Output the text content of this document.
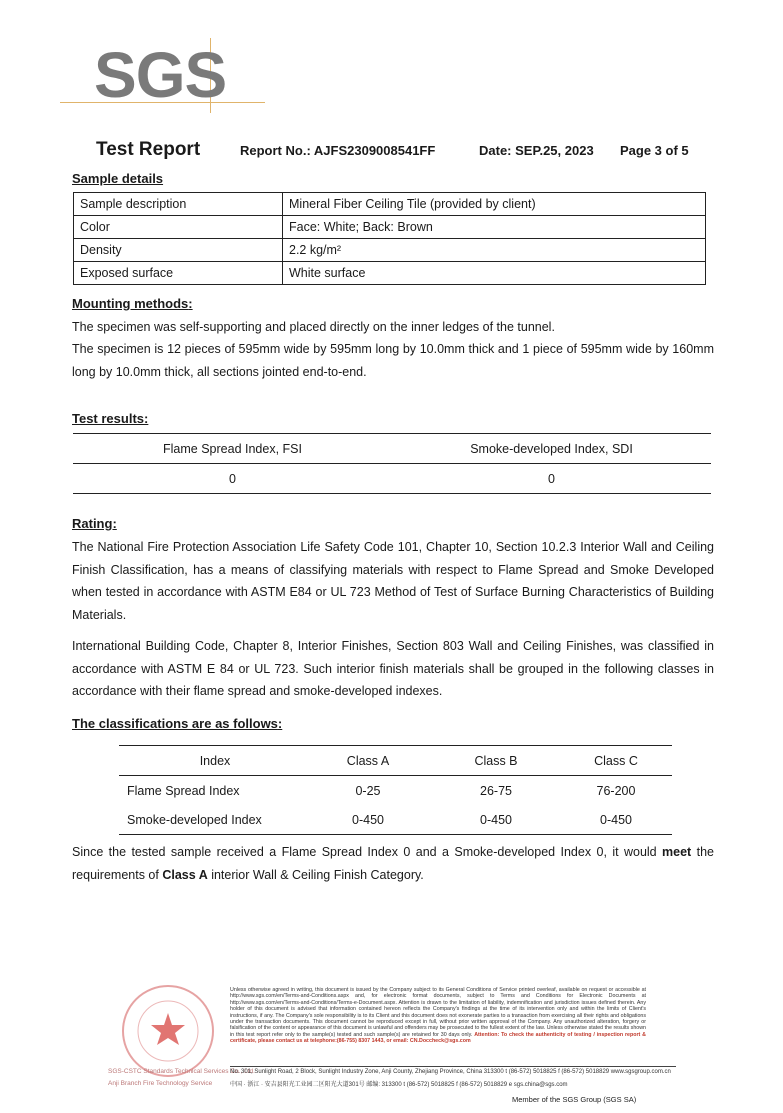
SGS
Test Report	Report No.: AJFS2309008541FF	Date: SEP.25, 2023 Page 3 of 5
Sample details
Sample description	Mineral Fiber Ceiling Tile (provided by client)
Color	Face: White; Back: Brown
Density	2.2 kg/m²
Exposed surface	White surface
Mounting methods:
The specimen was self-supporting and placed directly on the inner ledges of the tunnel.
The specimen is 12 pieces of 595mm wide by 595mm long by 10.0mm thick and 1 piece of 595mm wide by 160mm long by 10.0mm thick, all sections jointed end-to-end.
Test results:
Flame Spread Index, FSI	Smoke-developed Index, SDI
0	0
Rating:
The National Fire Protection Association Life Safety Code 101, Chapter 10, Section 10.2.3 Interior Wall and Ceiling Finish Classification, has a means of classifying materials with respect to Flame Spread and Smoke Developed when tested in accordance with ASTM E84 or UL 723 Method of Test of Surface Burning Characteristics of Building Materials.
International Building Code, Chapter 8, Interior Finishes, Section 803 Wall and Ceiling Finishes, was classified in accordance with ASTM E 84 or UL 723. Such interior finish materials shall be grouped in the following classes in accordance with their flame spread and smoke-developed indexes.
The classifications are as follows:
Index	Class A	Class B	Class C
Flame Spread Index	0-25	26-75	76-200
Smoke-developed Index	0-450	0-450	0-450
Since the tested sample received a Flame Spread Index 0 and a Smoke-developed Index 0, it would meet the requirements of Class A interior Wall & Ceiling Finish Category.
SGS-CSTC Standards Technical Services Co., Ltd.
Anji Branch Fire Technology Service
Unless otherwise agreed in writing, this document is issued by the Company subject to its General Conditions of Service printed overleaf, available on request or accessible at http://www.sgs.com/en/Terms-and-Conditions.aspx and, for electronic format documents, subject to Terms and Conditions for Electronic Documents at http://www.sgs.com/en/Terms-and-Conditions/Terms-e-Document.aspx. Attention is drawn to the limitation of liability, indemnification and jurisdiction issues defined therein. Any holder of this document is advised that information contained hereon reflects the Company's findings at the time of its intervention only and within the limits of Client's instructions, if any. The Company's sole responsibility is to its Client and this document does not exonerate parties to a transaction from exercising all their rights and obligations under the transaction documents. This document cannot be reproduced except in full, without prior written approval of the Company. Any unauthorized alteration, forgery or falsification of the content or appearance of this document is unlawful and offenders may be prosecuted to the fullest extent of the law. Unless otherwise stated the results shown in this test report refer only to the sample(s) tested and such sample(s) are retained for 30 days only. Attention: To check the authenticity of testing / inspection report & certificate, please contact us at telephone:(86-755) 8307 1443, or email: CN.Doccheck@sgs.com
No. 301, Sunlight Road, 2 Block, Sunlight Industry Zone, Anji County, Zhejiang Province, China 313300 t (86-572) 5018825 f (86-572) 5018829 www.sgsgroup.com.cn
中国 · 浙江 · 安吉县阳光工业园二区阳光大道301号 邮编: 313300 t (86-572) 5018825 f (86-572) 5018829 e sgs.china@sgs.com
Member of the SGS Group (SGS SA)
